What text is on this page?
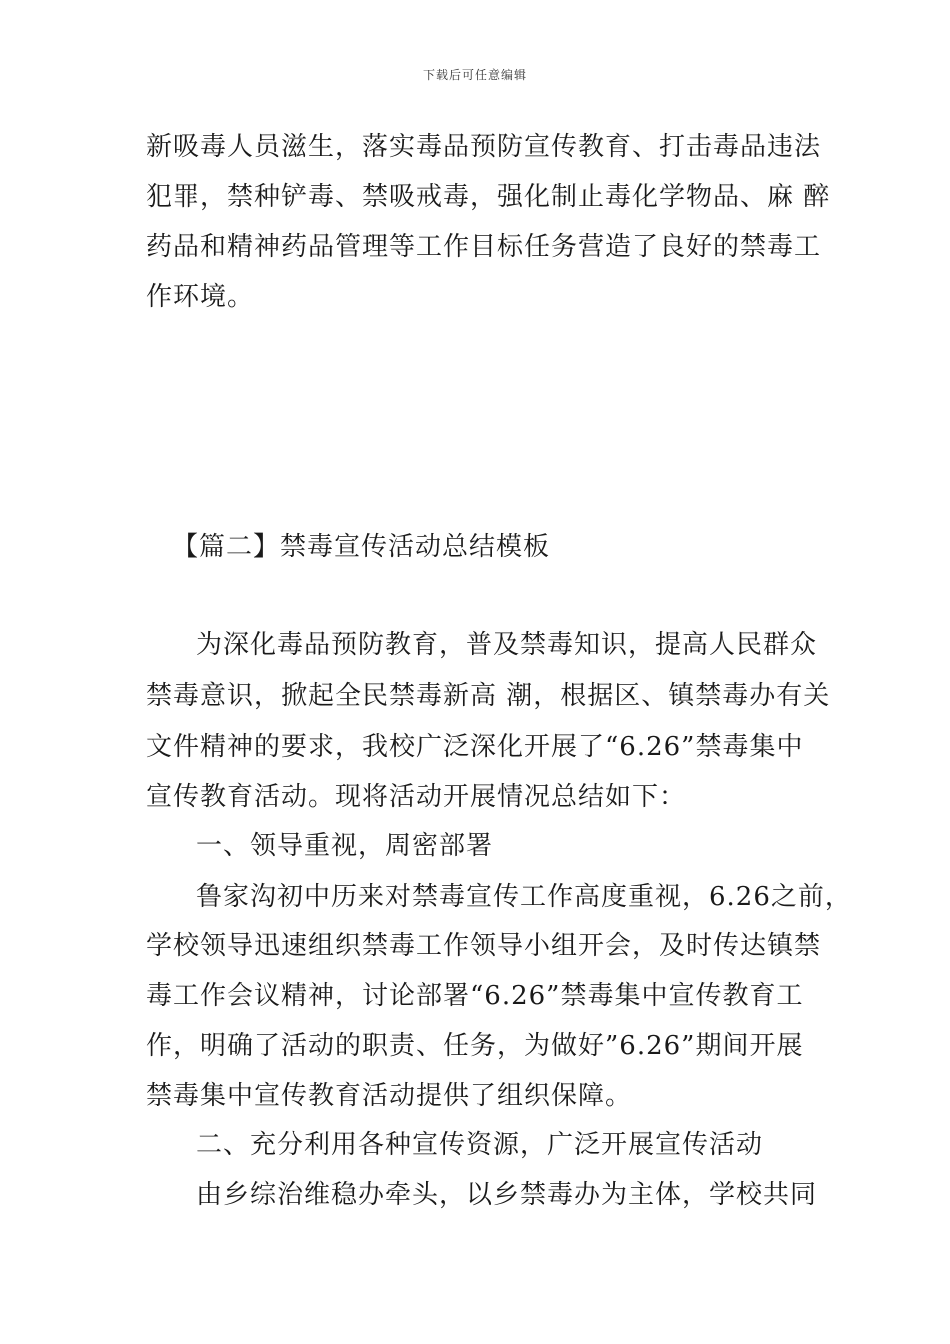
下载后可任意编辑
新吸毒人员滋生，落实毒品预防宣传教育、打击毒品违法
犯罪，禁种铲毒、禁吸戒毒，强化制止毒化学物品、麻 醉
药品和精神药品管理等工作目标任务营造了良好的禁毒工
作环境。
【篇二】禁毒宣传活动总结模板
为深化毒品预防教育，普及禁毒知识，提高人民群众
禁毒意识，掀起全民禁毒新高 潮，根据区、镇禁毒办有关
文件精神的要求，我校广泛深化开展了“6.26”禁毒集中
宣传教育活动。现将活动开展情况总结如下：
一、领导重视，周密部署
鲁家沟初中历来对禁毒宣传工作高度重视，6.26之前，
学校领导迅速组织禁毒工作领导小组开会，及时传达镇禁
毒工作会议精神，讨论部署“6.26”禁毒集中宣传教育工
作，明确了活动的职责、任务，为做好”6.26”期间开展
禁毒集中宣传教育活动提供了组织保障。
二、充分利用各种宣传资源，广泛开展宣传活动
由乡综治维稳办牵头，以乡禁毒办为主体，学校共同
